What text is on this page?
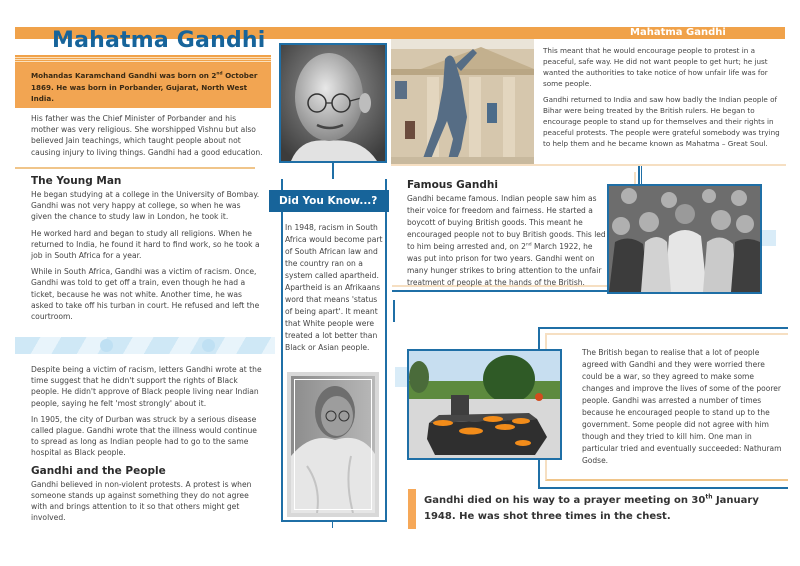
Mahatma Gandhi

Mohandas Karamchand Gandhi was born on 2nd October 1869. He was born in Porbander, Gujarat, North West India.

His father was the Chief Minister of Porbander and his mother was very religious. She worshipped Vishnu but also believed Jain teachings, which taught people about not causing injury to living things. Gandhi had a good education.

The Young Man

He began studying at a college in the University of Bombay. Gandhi was not very happy at college, so when he was given the chance to study law in London, he took it.

He worked hard and began to study all religions. When he returned to India, he found it hard to find work, so he took a job in South Africa for a year.

While in South Africa, Gandhi was a victim of racism. Once, Gandhi was told to get off a train, even though he had a ticket, because he was not white. Another time, he was asked to take off his turban in court. He refused and left the courtroom.

Despite being a victim of racism, letters Gandhi wrote at the time suggest that he didn't support the rights of Black people. He didn't approve of Black people living near Indian people, saying he felt 'most strongly' about it.

In 1905, the city of Durban was struck by a serious disease called plague. Gandhi wrote that the illness would continue to spread as long as Indian people had to go to the same hospital as Black people.

Gandhi and the People

Gandhi believed in non-violent protests. A protest is when someone stands up against something they do not agree with and brings attention to it so that others might get involved.

Did You Know...?

In 1948, racism in South Africa would become part of South African law and the country ran on a system called apartheid. Apartheid is an Afrikaans word that means 'status of being apart'. It meant that White people were treated a lot better than Black or Asian people.

Mahatma Gandhi

This meant that he would encourage people to protest in a peaceful, safe way. He did not want people to get hurt; he just wanted the authorities to take notice of how unfair life was for some people.

Gandhi returned to India and saw how badly the Indian people of Bihar were being treated by the British rulers. He began to encourage people to stand up for themselves and their rights in peaceful protests. The people were grateful somebody was trying to help them and he became known as Mahatma – Great Soul.

Famous Gandhi

Gandhi became famous. Indian people saw him as their voice for freedom and fairness. He started a boycott of buying British goods. This meant he encouraged people not to buy British goods. This led to him being arrested and, on 2nd March 1922, he was put into prison for two years. Gandhi went on many hunger strikes to bring attention to the unfair treatment of people at the hands of the British.

The British began to realise that a lot of people agreed with Gandhi and they were worried there could be a war, so they agreed to make some changes and improve the lives of some of the poorer people. Gandhi was arrested a number of times because he encouraged people to stand up to the government. Some people did not agree with him though and they tried to kill him. One man in particular tried and eventually succeeded: Nathuram Godse.

Gandhi died on his way to a prayer meeting on 30th January 1948. He was shot three times in the chest.
